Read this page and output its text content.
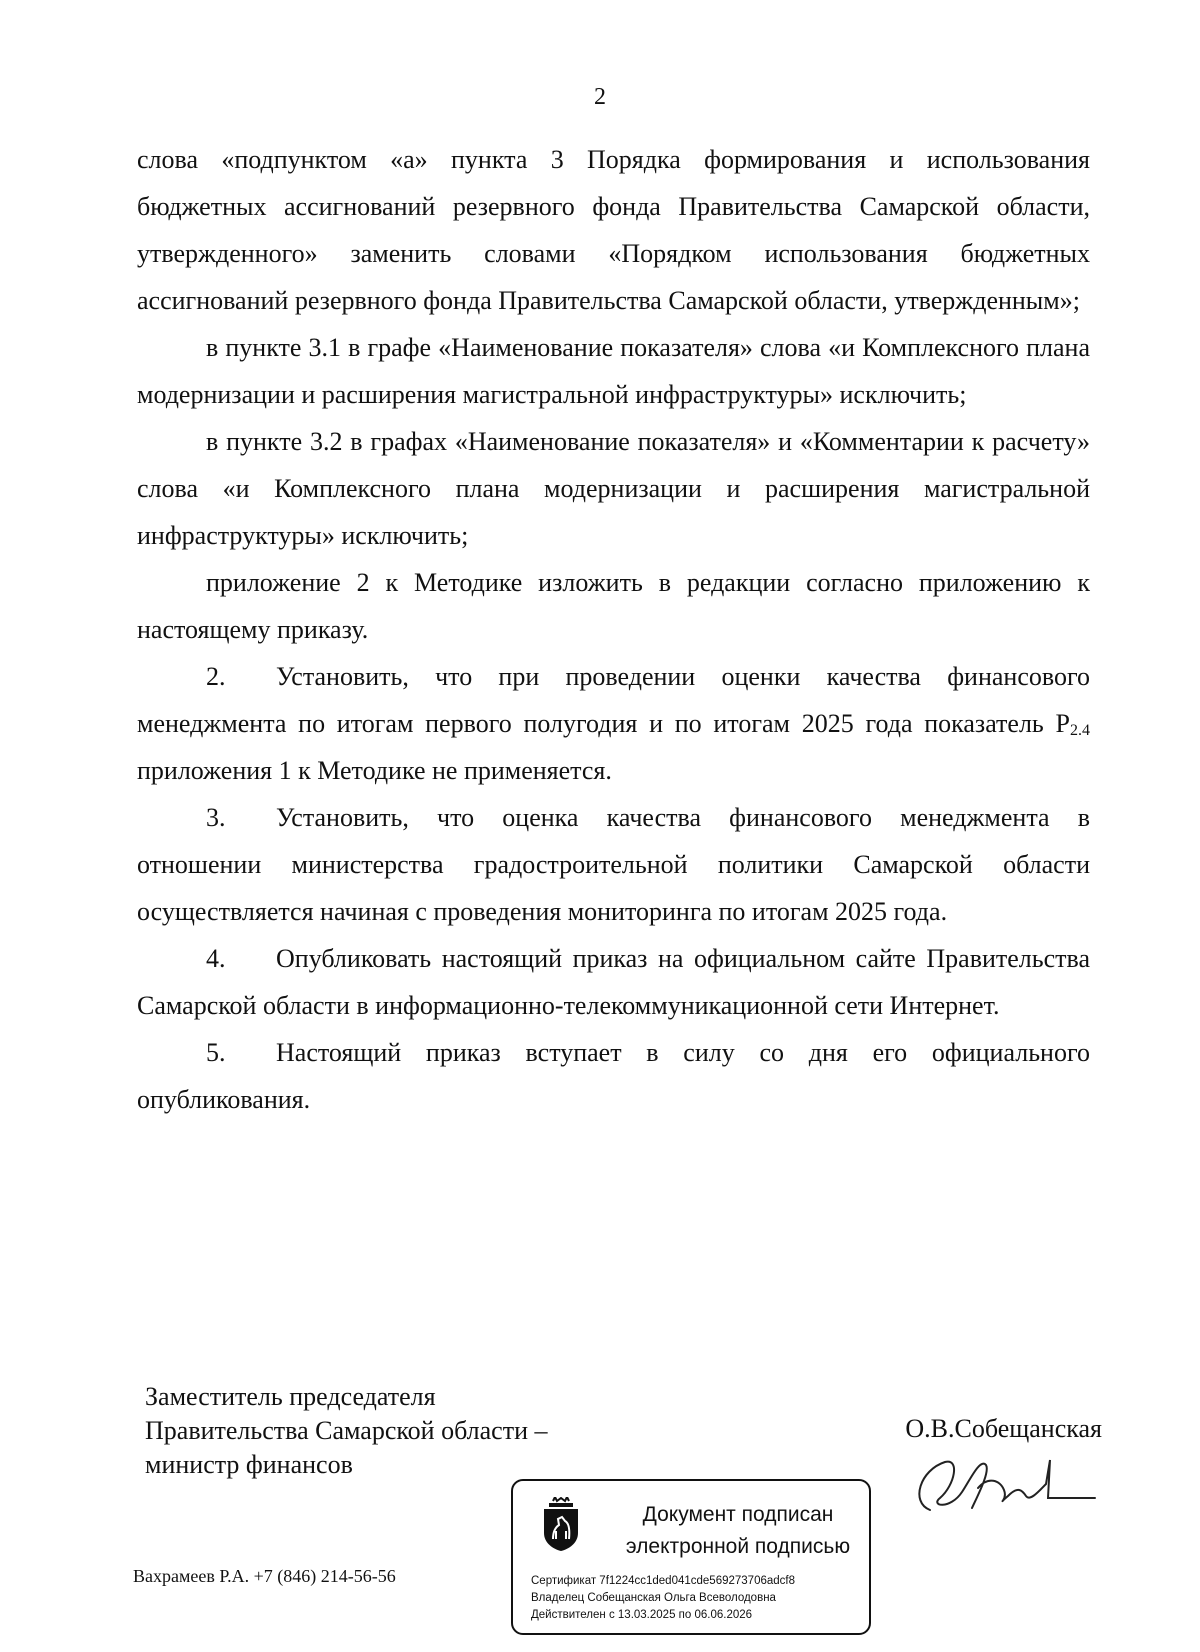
2

слова «подпунктом «а» пункта 3 Порядка формирования и использования бюджетных ассигнований резервного фонда Правительства Самарской области, утвержденного» заменить словами «Порядком использования бюджетных ассигнований резервного фонда Правительства Самарской области, утвержденным»;

в пункте 3.1 в графе «Наименование показателя» слова «и Комплексного плана модернизации и расширения магистральной инфраструктуры» исключить;

в пункте 3.2 в графах «Наименование показателя» и «Комментарии к расчету» слова «и Комплексного плана модернизации и расширения магистральной инфраструктуры» исключить;

приложение 2 к Методике изложить в редакции согласно приложению к настоящему приказу.

2. Установить, что при проведении оценки качества финансового менеджмента по итогам первого полугодия и по итогам 2025 года показатель $Р_{2.4}$ приложения 1 к Методике не применяется.

3. Установить, что оценка качества финансового менеджмента в отношении министерства градостроительной политики Самарской области осуществляется начиная с проведения мониторинга по итогам 2025 года.

4. Опубликовать настоящий приказ на официальном сайте Правительства Самарской области в информационно-телекоммуникационной сети Интернет.

5. Настоящий приказ вступает в силу со дня его официального опубликования.

Заместитель председателя
Правительства Самарской области –
министр финансов
О.В.Собещанская
Документ подписан
электронной подписью
Сертификат 7f1224cc1ded041cde569273706adcf8
Владелец Собещанская Ольга Всеволодовна
Действителен с 13.03.2025 по 06.06.2026
Вахрамеев Р.А. +7 (846) 214-56-56
